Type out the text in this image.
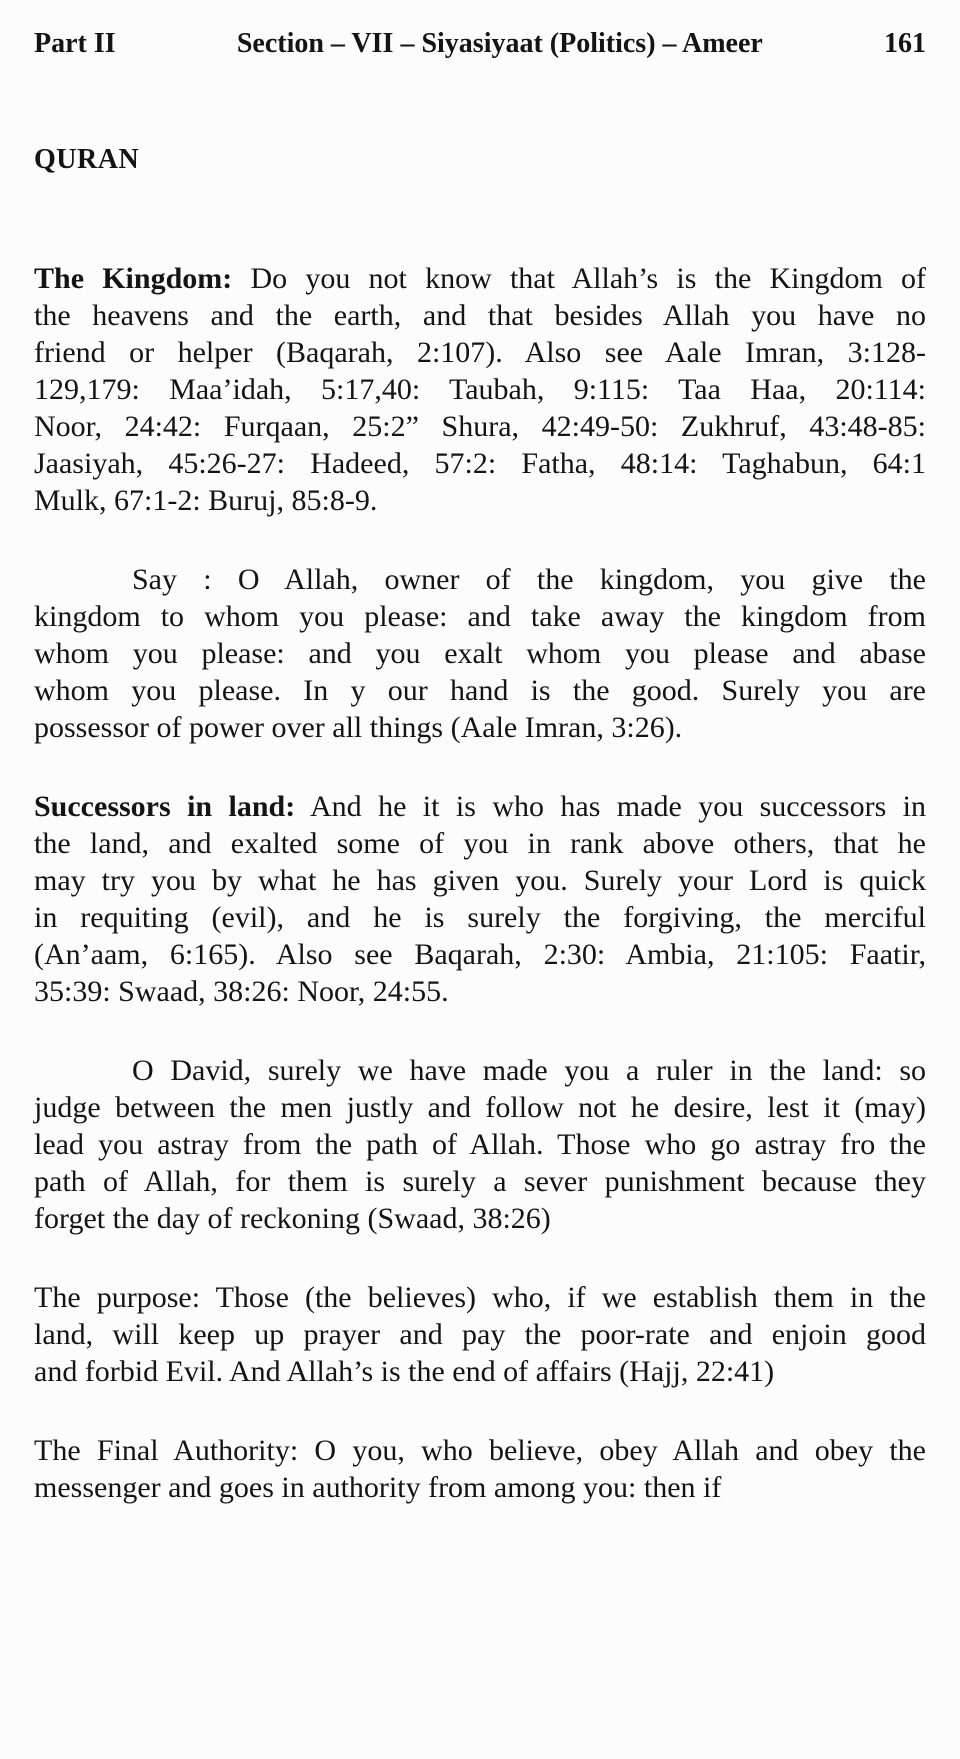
Part II	Section – VII – Siyasiyaat (Politics) – Ameer	161
QURAN
The Kingdom: Do you not know that Allah’s is the Kingdom of
the heavens and the earth, and that besides Allah you have no
friend or helper (Baqarah, 2:107). Also see Aale Imran, 3:128-
129,179: Maa’idah, 5:17,40: Taubah, 9:115: Taa Haa, 20:114:
Noor, 24:42: Furqaan, 25:2” Shura, 42:49-50: Zukhruf, 43:48-85:
Jaasiyah, 45:26-27: Hadeed, 57:2: Fatha, 48:14: Taghabun, 64:1
Mulk, 67:1-2: Buruj, 85:8-9.
Say : O Allah, owner of the kingdom, you give the
kingdom to whom you please: and take away the kingdom from
whom you please: and you exalt whom you please and abase
whom you please. In y our hand is the good. Surely you are
possessor of power over all things (Aale Imran, 3:26).
Successors in land: And he it is who has made you successors in
the land, and exalted some of you in rank above others, that he
may try you by what he has given you. Surely your Lord is quick
in requiting (evil), and he is surely the forgiving, the merciful
(An’aam, 6:165). Also see Baqarah, 2:30: Ambia, 21:105: Faatir,
35:39: Swaad, 38:26: Noor, 24:55.
O David, surely we have made you a ruler in the land: so
judge between the men justly and follow not he desire, lest it (may)
lead you astray from the path of Allah. Those who go astray fro the
path of Allah, for them is surely a sever punishment because they
forget the day of reckoning (Swaad, 38:26)
The purpose: Those (the believes) who, if we establish them in the
land, will keep up prayer and pay the poor-rate and enjoin good
and forbid Evil. And Allah’s is the end of affairs (Hajj, 22:41)
The Final Authority: O you, who believe, obey Allah and obey the
messenger and goes in authority from among you: then if
